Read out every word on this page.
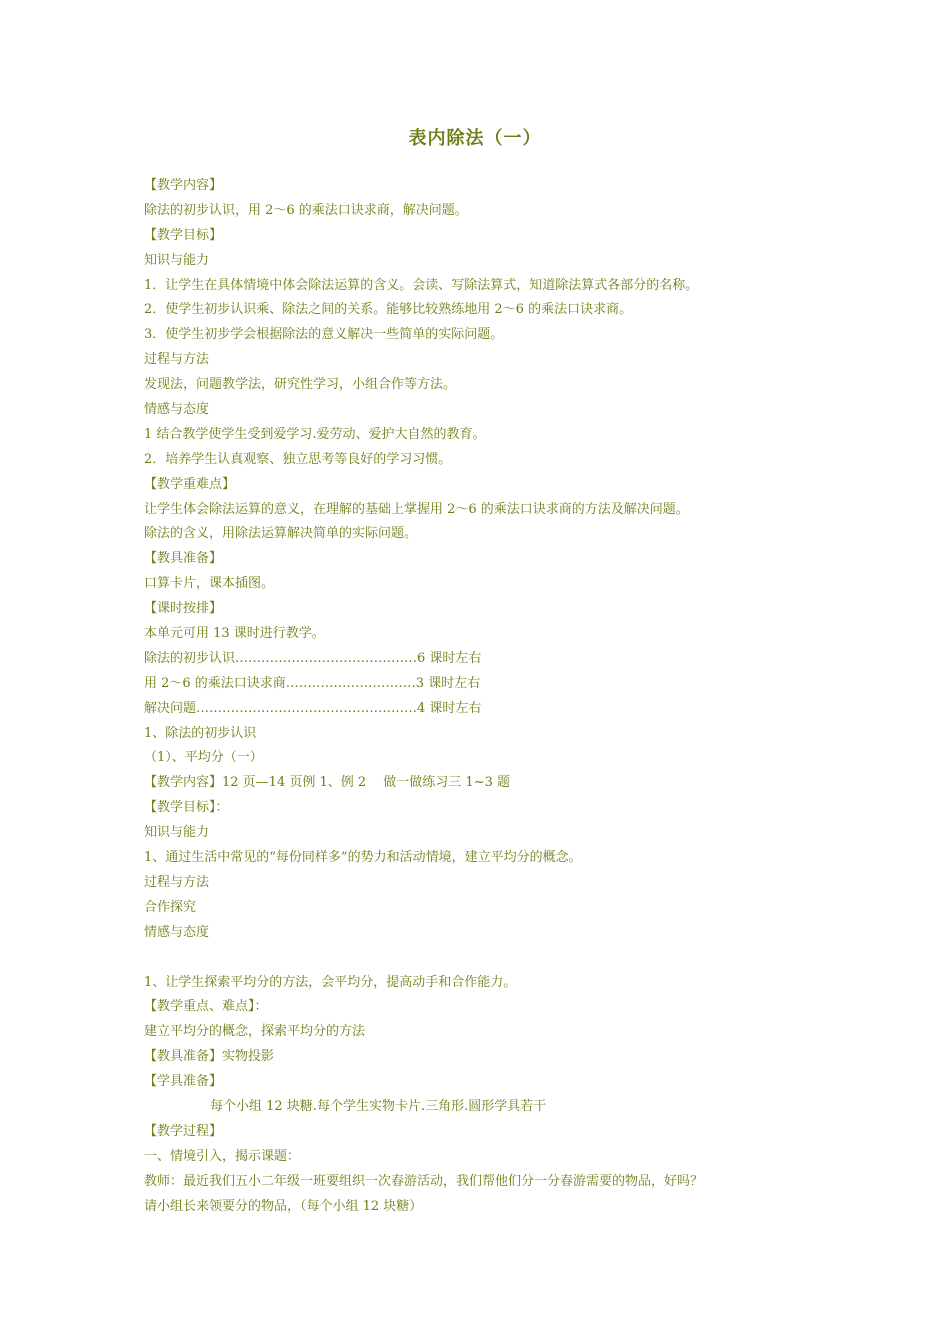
表内除法（一）
【教学内容】
除法的初步认识，用 2～6 的乘法口诀求商，解决问题。
【教学目标】
知识与能力
1．让学生在具体情境中体会除法运算的含义。会读、写除法算式，知道除法算式各部分的名称。
2．使学生初步认识乘、除法之间的关系。能够比较熟练地用 2～6 的乘法口诀求商。
3．使学生初步学会根据除法的意义解决一些简单的实际问题。
过程与方法
发现法，问题教学法，研究性学习，小组合作等方法。
情感与态度
1 结合教学使学生受到爱学习.爱劳动、爱护大自然的教育。
2．培养学生认真观察、独立思考等良好的学习习惯。
【教学重难点】
让学生体会除法运算的意义，在理解的基础上掌握用 2～6 的乘法口诀求商的方法及解决问题。
除法的含义，用除法运算解决简单的实际问题。
【教具准备】
口算卡片，课本插图。
【课时按排】
本单元可用 13 课时进行教学。
除法的初步认识……………………………………6 课时左右
用 2～6 的乘法口诀求商…………………………3 课时左右
解决问题……………………………………………4 课时左右
1、除法的初步认识
（1）、平均分（一）
【教学内容】12 页—14 页例 1、例 2　 做一做练习三 1~3 题
【教学目标】：
知识与能力
1、通过生活中常见的“每份同样多”的势力和活动情境，建立平均分的概念。
过程与方法
合作探究
情感与态度
1、让学生探索平均分的方法，会平均分，提高动手和合作能力。
【教学重点、难点】：
建立平均分的概念，探索平均分的方法
【教具准备】实物投影
【学具准备】
每个小组 12 块糖.每个学生实物卡片.三角形.圆形学具若干
【教学过程】
一、情境引入，揭示课题：
教师：最近我们五小二年级一班要组织一次春游活动，我们帮他们分一分春游需要的物品，好吗？
请小组长来领要分的物品，（每个小组 12 块糖）
